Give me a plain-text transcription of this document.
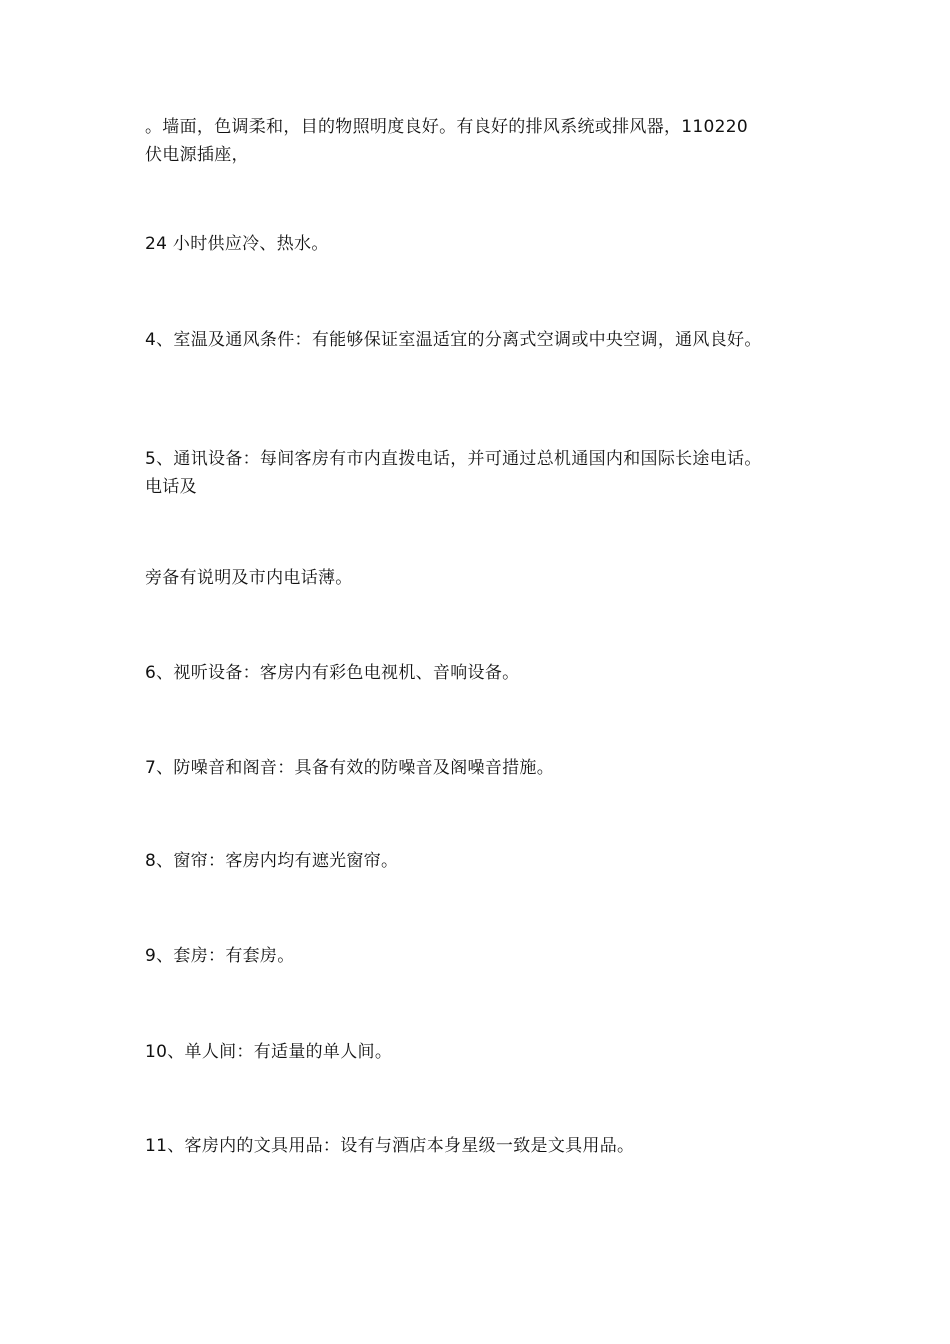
。墙面，色调柔和，目的物照明度良好。有良好的排风系统或排风器，110220
伏电源插座，
24 小时供应冷、热水。
4、室温及通风条件：有能够保证室温适宜的分离式空调或中央空调，通风良好。
5、通讯设备：每间客房有市内直拨电话，并可通过总机通国内和国际长途电话。
电话及
旁备有说明及市内电话薄。
6、视听设备：客房内有彩色电视机、音响设备。
7、防噪音和阁音：具备有效的防噪音及阁噪音措施。
8、窗帘：客房内均有遮光窗帘。
9、套房：有套房。
10、单人间：有适量的单人间。
11、客房内的文具用品：设有与酒店本身星级一致是文具用品。
